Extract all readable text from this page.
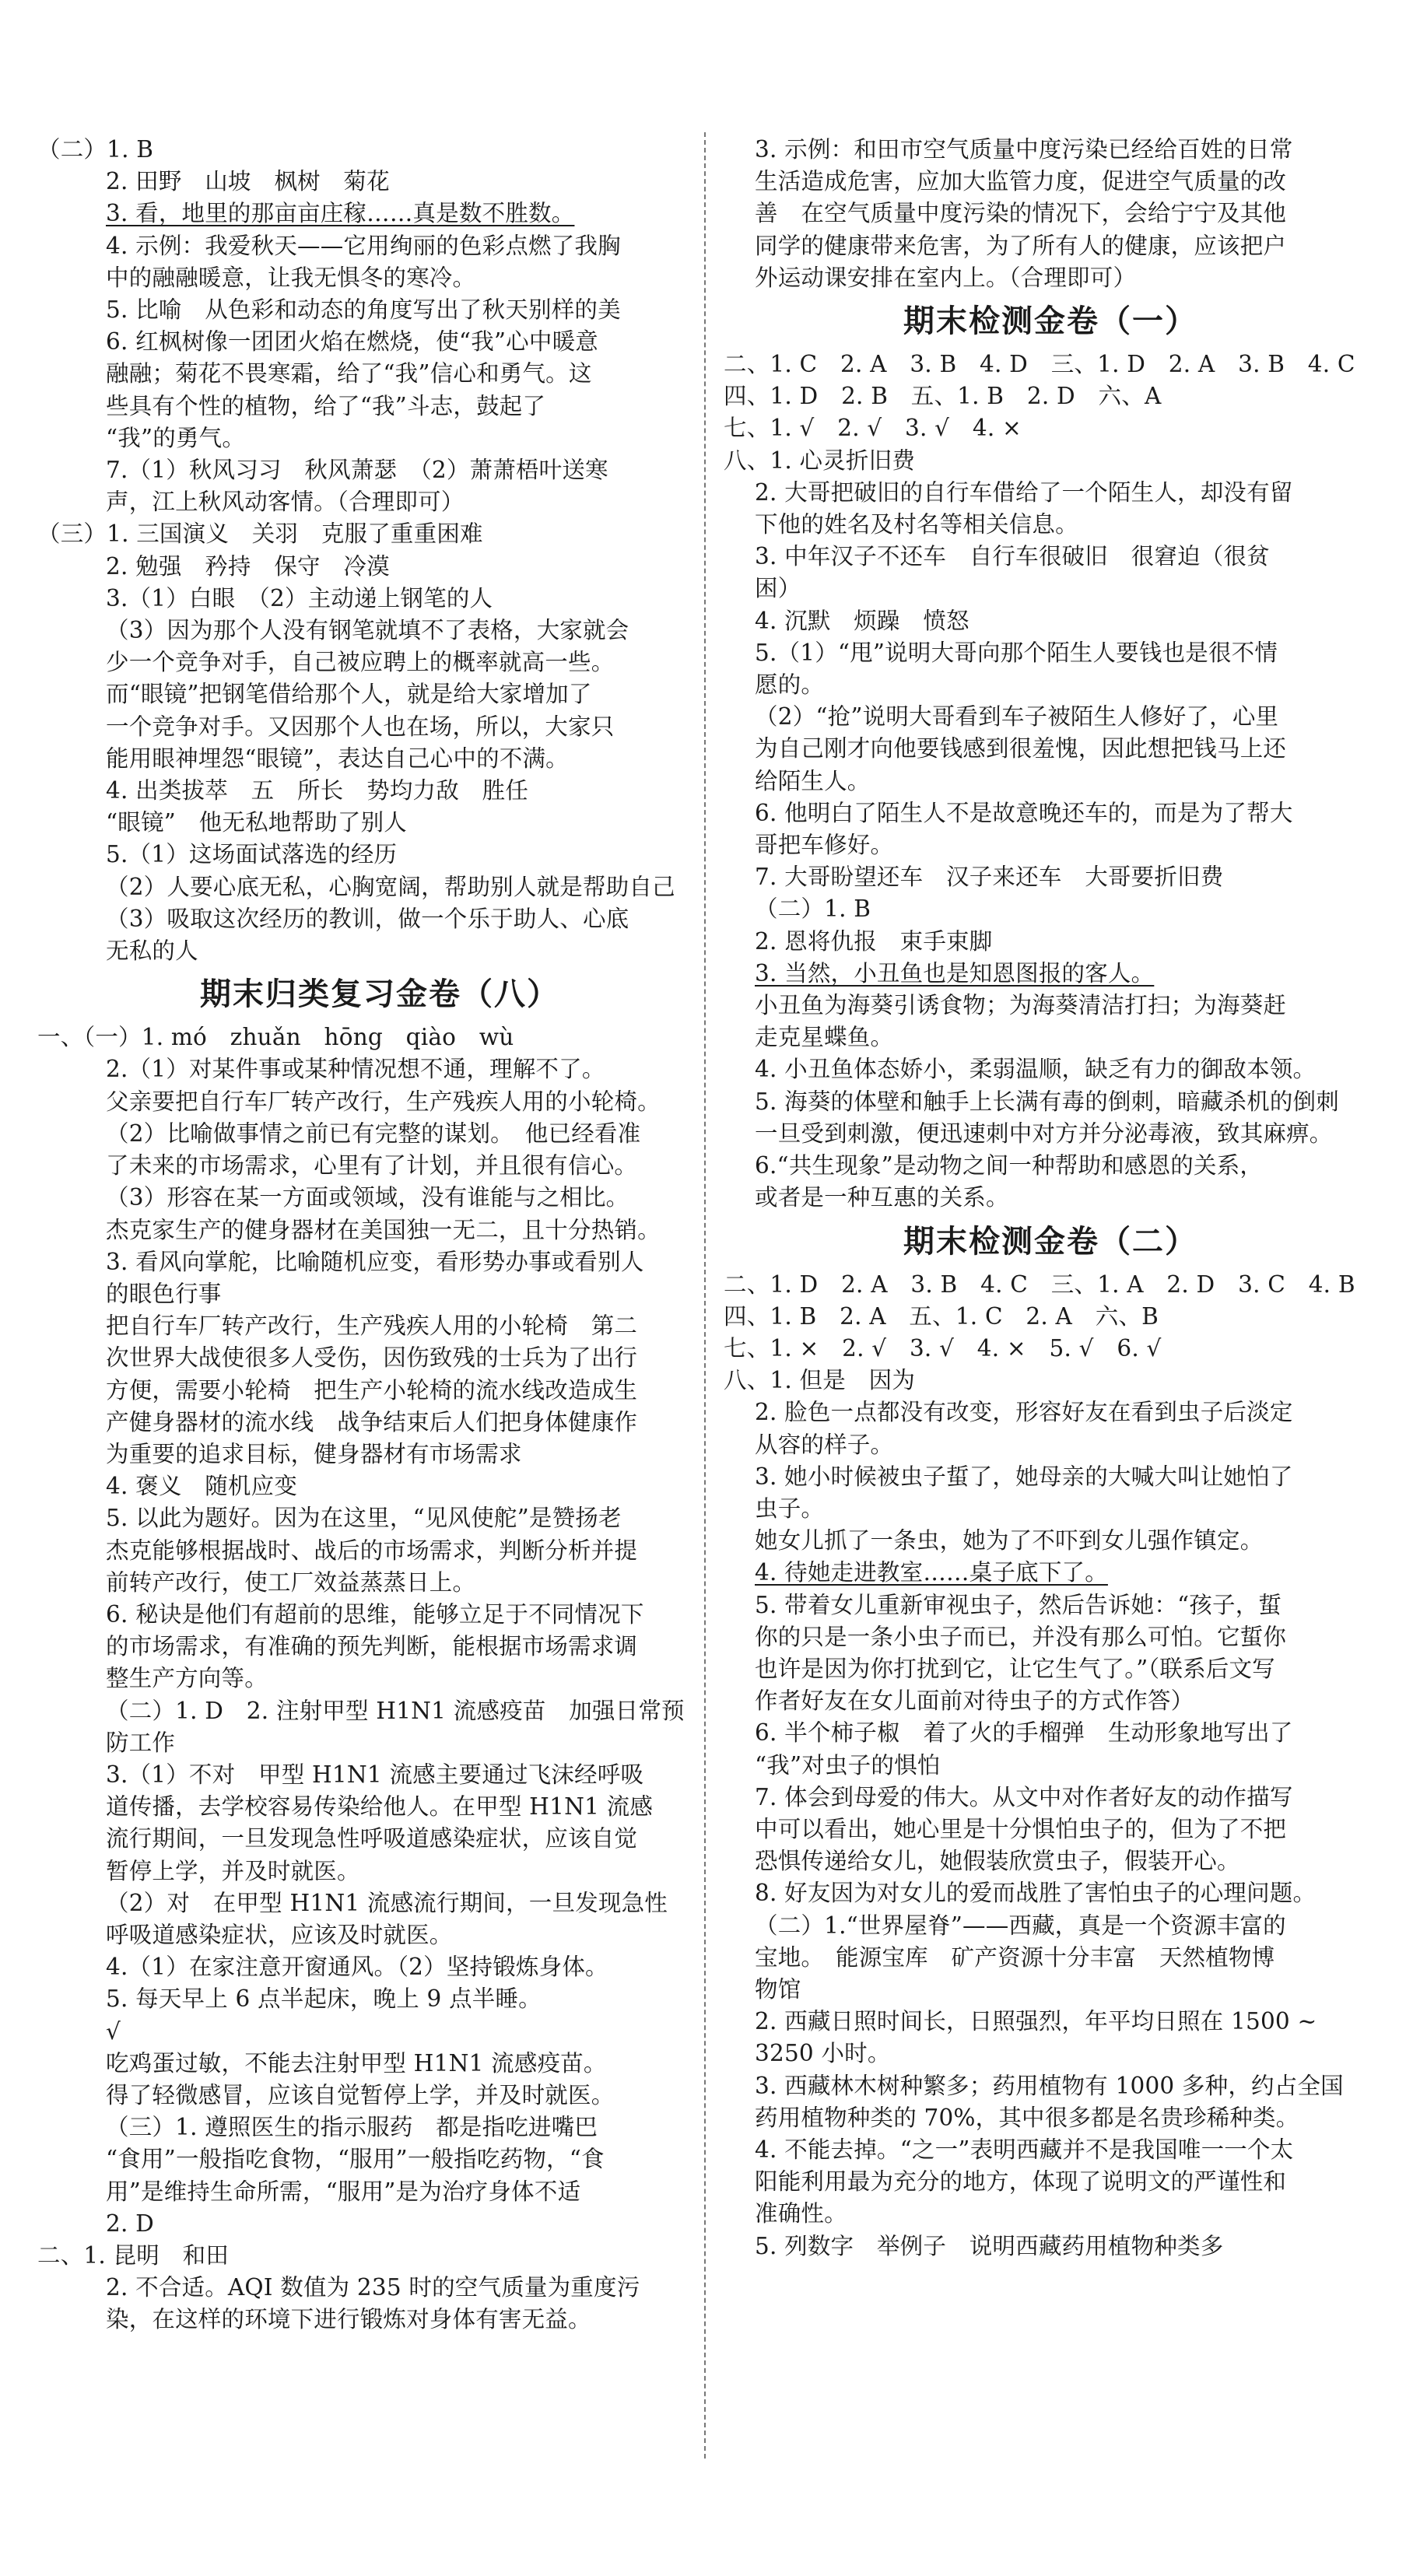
（二）1. B
2. 田野　山坡　枫树　菊花
3. 看，地里的那亩亩庄稼……真是数不胜数。
4. 示例：我爱秋天——它用绚丽的色彩点燃了我胸
中的融融暖意，让我无惧冬的寒冷。
5. 比喻　从色彩和动态的角度写出了秋天别样的美
6. 红枫树像一团团火焰在燃烧，使“我”心中暖意
融融；菊花不畏寒霜，给了“我”信心和勇气。这
些具有个性的植物，给了“我”斗志，鼓起了
“我”的勇气。
7.（1）秋风习习　秋风萧瑟　（2）萧萧梧叶送寒
声，江上秋风动客情。（合理即可）
（三）1. 三国演义　关羽　克服了重重困难
2. 勉强　矜持　保守　冷漠
3.（1）白眼　（2）主动递上钢笔的人
（3）因为那个人没有钢笔就填不了表格，大家就会
少一个竞争对手，自己被应聘上的概率就高一些。
而“眼镜”把钢笔借给那个人，就是给大家增加了
一个竞争对手。又因那个人也在场，所以，大家只
能用眼神埋怨“眼镜”，表达自己心中的不满。
4. 出类拔萃　五　所长　势均力敌　胜任
“眼镜”　他无私地帮助了别人
5.（1）这场面试落选的经历
（2）人要心底无私，心胸宽阔，帮助别人就是帮助自己
（3）吸取这次经历的教训，做一个乐于助人、心底
无私的人
期末归类复习金卷（八）
一、（一）1. mó　zhuǎn　hōng　qiào　wù
2.（1）对某件事或某种情况想不通，理解不了。
父亲要把自行车厂转产改行，生产残疾人用的小轮椅。
（2）比喻做事情之前已有完整的谋划。　他已经看准
了未来的市场需求，心里有了计划，并且很有信心。
（3）形容在某一方面或领域，没有谁能与之相比。
杰克家生产的健身器材在美国独一无二，且十分热销。
3. 看风向掌舵，比喻随机应变，看形势办事或看别人
的眼色行事
把自行车厂转产改行，生产残疾人用的小轮椅　第二
次世界大战使很多人受伤，因伤致残的士兵为了出行
方便，需要小轮椅　把生产小轮椅的流水线改造成生
产健身器材的流水线　战争结束后人们把身体健康作
为重要的追求目标，健身器材有市场需求
4. 褒义　随机应变
5. 以此为题好。因为在这里，“见风使舵”是赞扬老
杰克能够根据战时、战后的市场需求，判断分析并提
前转产改行，使工厂效益蒸蒸日上。
6. 秘诀是他们有超前的思维，能够立足于不同情况下
的市场需求，有准确的预先判断，能根据市场需求调
整生产方向等。
（二）1. D　2. 注射甲型 H1N1 流感疫苗　加强日常预
防工作
3.（1）不对　甲型 H1N1 流感主要通过飞沫经呼吸
道传播，去学校容易传染给他人。在甲型 H1N1 流感
流行期间，一旦发现急性呼吸道感染症状，应该自觉
暂停上学，并及时就医。
（2）对　在甲型 H1N1 流感流行期间，一旦发现急性
呼吸道感染症状，应该及时就医。
4.（1）在家注意开窗通风。（2）坚持锻炼身体。
5. 每天早上 6 点半起床，晚上 9 点半睡。
√
吃鸡蛋过敏，不能去注射甲型 H1N1 流感疫苗。
得了轻微感冒，应该自觉暂停上学，并及时就医。
（三）1. 遵照医生的指示服药　都是指吃进嘴巴
“食用”一般指吃食物，“服用”一般指吃药物，“食
用”是维持生命所需，“服用”是为治疗身体不适
2. D
二、1. 昆明　和田
2. 不合适。AQI 数值为 235 时的空气质量为重度污
染，在这样的环境下进行锻炼对身体有害无益。
3. 示例：和田市空气质量中度污染已经给百姓的日常
生活造成危害，应加大监管力度，促进空气质量的改
善　在空气质量中度污染的情况下，会给宁宁及其他
同学的健康带来危害，为了所有人的健康，应该把户
外运动课安排在室内上。（合理即可）
期末检测金卷（一）
二、1. C　2. A　3. B　4. D　三、1. D　2. A　3. B　4. C
四、1. D　2. B　五、1. B　2. D　六、A
七、1. √　2. √　3. √　4. ×
八、1. 心灵折旧费
2. 大哥把破旧的自行车借给了一个陌生人，却没有留
下他的姓名及村名等相关信息。
3. 中年汉子不还车　自行车很破旧　很窘迫（很贫
困）
4. 沉默　烦躁　愤怒
5.（1）“甩”说明大哥向那个陌生人要钱也是很不情
愿的。
（2）“抢”说明大哥看到车子被陌生人修好了，心里
为自己刚才向他要钱感到很羞愧，因此想把钱马上还
给陌生人。
6. 他明白了陌生人不是故意晚还车的，而是为了帮大
哥把车修好。
7. 大哥盼望还车　汉子来还车　大哥要折旧费
（二）1. B
2. 恩将仇报　束手束脚
3. 当然，小丑鱼也是知恩图报的客人。
小丑鱼为海葵引诱食物；为海葵清洁打扫；为海葵赶
走克星蝶鱼。
4. 小丑鱼体态娇小，柔弱温顺，缺乏有力的御敌本领。
5. 海葵的体壁和触手上长满有毒的倒刺，暗藏杀机的倒刺
一旦受到刺激，便迅速刺中对方并分泌毒液，致其麻痹。
6.“共生现象”是动物之间一种帮助和感恩的关系，
或者是一种互惠的关系。
期末检测金卷（二）
二、1. D　2. A　3. B　4. C　三、1. A　2. D　3. C　4. B
四、1. B　2. A　五、1. C　2. A　六、B
七、1. ×　2. √　3. √　4. ×　5. √　6. √
八、1. 但是　因为
2. 脸色一点都没有改变，形容好友在看到虫子后淡定
从容的样子。
3. 她小时候被虫子蜇了，她母亲的大喊大叫让她怕了
虫子。
她女儿抓了一条虫，她为了不吓到女儿强作镇定。
4. 待她走进教室……桌子底下了。
5. 带着女儿重新审视虫子，然后告诉她：“孩子，蜇
你的只是一条小虫子而已，并没有那么可怕。它蜇你
也许是因为你打扰到它，让它生气了。”（联系后文写
作者好友在女儿面前对待虫子的方式作答）
6. 半个柿子椒　着了火的手榴弹　生动形象地写出了
“我”对虫子的惧怕
7. 体会到母爱的伟大。从文中对作者好友的动作描写
中可以看出，她心里是十分惧怕虫子的，但为了不把
恐惧传递给女儿，她假装欣赏虫子，假装开心。
8. 好友因为对女儿的爱而战胜了害怕虫子的心理问题。
（二）1.“世界屋脊”——西藏，真是一个资源丰富的
宝地。　能源宝库　矿产资源十分丰富　天然植物博
物馆
2. 西藏日照时间长，日照强烈，年平均日照在 1500 ~
3250 小时。
3. 西藏林木树种繁多；药用植物有 1000 多种，约占全国
药用植物种类的 70%，其中很多都是名贵珍稀种类。
4. 不能去掉。“之一”表明西藏并不是我国唯一一个太
阳能利用最为充分的地方，体现了说明文的严谨性和
准确性。
5. 列数字　举例子　说明西藏药用植物种类多
